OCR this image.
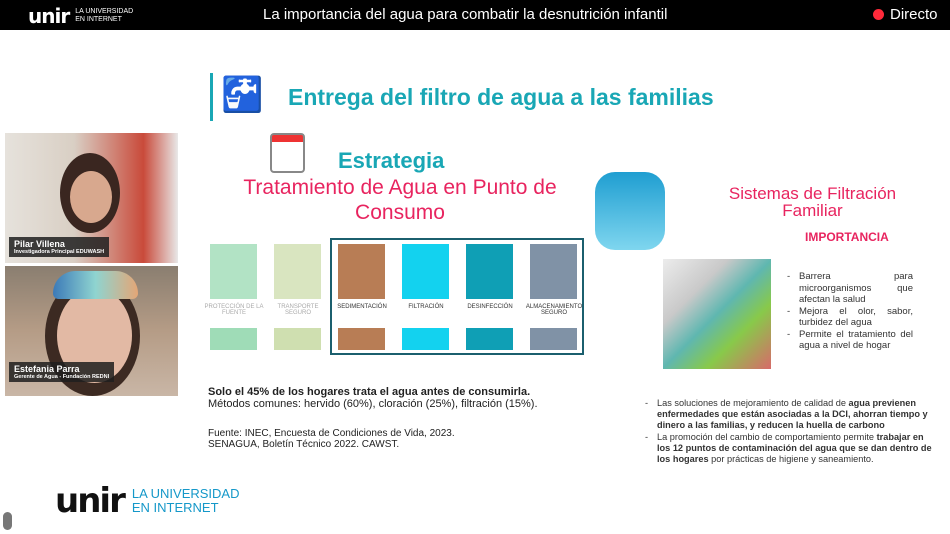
unir LA UNIVERSIDAD
EN INTERNET	La importancia del agua para combatir la desnutrición infantil	Directo
Pilar Villena
Investigadora Principal EDUWASH
Estefania Parra
Gerente de Agua - Fundación REDNI
🚰 Entrega del filtro de agua a las familias
Estrategia
Tratamiento de Agua en Punto de Consumo
PROTECCIÓN DE LA FUENTE
TRANSPORTE SEGURO
SEDIMENTACIÓN	FILTRACIÓN	DESINFECCIÓN	ALMACENAMIENTO SEGURO
Solo el 45% de los hogares trata el agua antes de consumirla.
Métodos comunes: hervido (60%), cloración (25%), filtración (15%).
Fuente: INEC, Encuesta de Condiciones de Vida, 2023.
SENAGUA, Boletín Técnico 2022. CAWST.
Sistemas de Filtración Familiar
IMPORTANCIA
- Barrera para microorganismos que afectan la salud
- Mejora el olor, sabor, turbidez del agua
- Permite el tratamiento del agua a nivel de hogar
- Las soluciones de mejoramiento de calidad de agua previenen enfermedades que están asociadas a la DCI, ahorran tiempo y dinero a las familias, y reducen la huella de carbono
- La promoción del cambio de comportamiento permite trabajar en los 12 puntos de contaminación del agua que se dan dentro de los hogares por prácticas de higiene y saneamiento.
unir LA UNIVERSIDAD
EN INTERNET
